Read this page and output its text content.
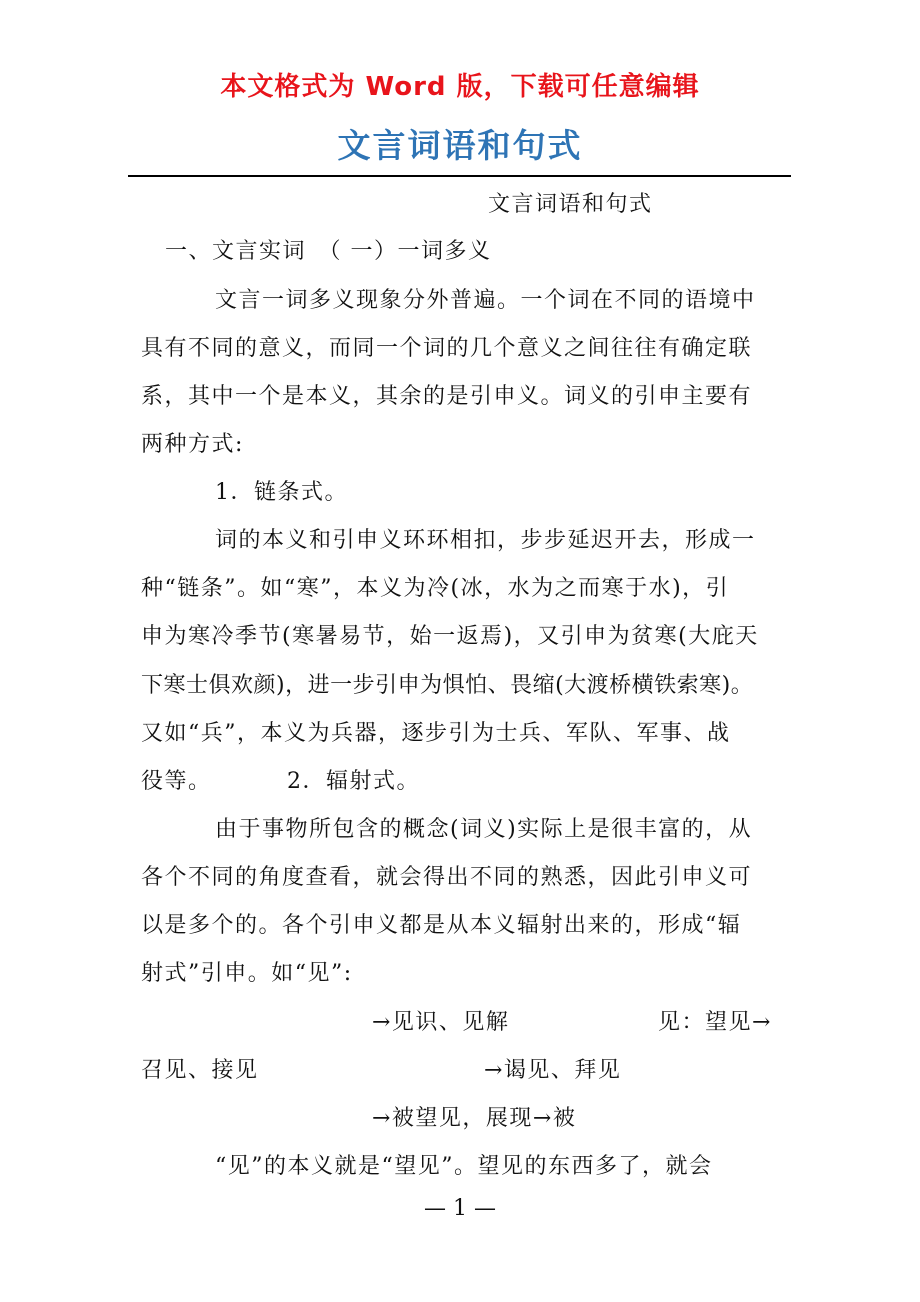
本文格式为 Word 版，下载可任意编辑
文言词语和句式
文言词语和句式
一、文言实词　（ 一）一词多义
文言一词多义现象分外普遍。一个词在不同的语境中
具有不同的意义，而同一个词的几个意义之间往往有确定联
系，其中一个是本义，其余的是引申义。词义的引申主要有
两种方式:
1．链条式。
词的本义和引申义环环相扣，步步延迟开去，形成一
种“链条”。如“寒”，本义为冷(冰，水为之而寒于水)，引
申为寒冷季节(寒暑易节，始一返焉)，又引申为贫寒(大庇天
下寒士俱欢颜)，进一步引申为惧怕、畏缩(大渡桥横铁索寒)。
又如“兵”，本义为兵器，逐步引为士兵、军队、军事、战
役等。	2．辐射式。
由于事物所包含的概念(词义)实际上是很丰富的，从
各个不同的角度查看，就会得出不同的熟悉，因此引申义可
以是多个的。各个引申义都是从本义辐射出来的，形成“辐
射式”引申。如“见”:
→见识、见解	见：望见→
召见、接见	→谒见、拜见
→被望见，展现→被
“见”的本义就是“望见”。望见的东西多了，就会
— 1 —
